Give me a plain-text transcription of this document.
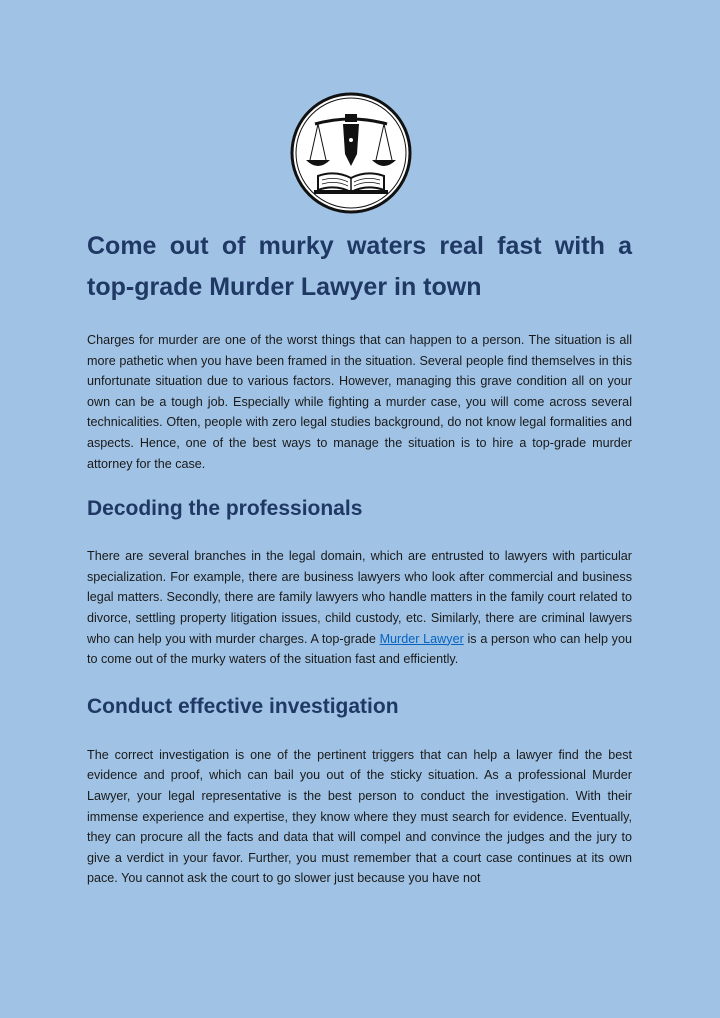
Come out of murky waters real fast with a top-grade Murder Lawyer in town

Charges for murder are one of the worst things that can happen to a person. The situation is all more pathetic when you have been framed in the situation. Several people find themselves in this unfortunate situation due to various factors. However, managing this grave condition all on your own can be a tough job. Especially while fighting a murder case, you will come across several technicalities. Often, people with zero legal studies background, do not know legal formalities and aspects. Hence, one of the best ways to manage the situation is to hire a top-grade murder attorney for the case.

Decoding the professionals

There are several branches in the legal domain, which are entrusted to lawyers with particular specialization. For example, there are business lawyers who look after commercial and business legal matters. Secondly, there are family lawyers who handle matters in the family court related to divorce, settling property litigation issues, child custody, etc. Similarly, there are criminal lawyers who can help you with murder charges. A top-grade Murder Lawyer is a person who can help you to come out of the murky waters of the situation fast and efficiently.

Conduct effective investigation

The correct investigation is one of the pertinent triggers that can help a lawyer find the best evidence and proof, which can bail you out of the sticky situation. As a professional Murder Lawyer, your legal representative is the best person to conduct the investigation. With their immense experience and expertise, they know where they must search for evidence. Eventually, they can procure all the facts and data that will compel and convince the judges and the jury to give a verdict in your favor. Further, you must remember that a court case continues at its own pace. You cannot ask the court to go slower just because you have not
